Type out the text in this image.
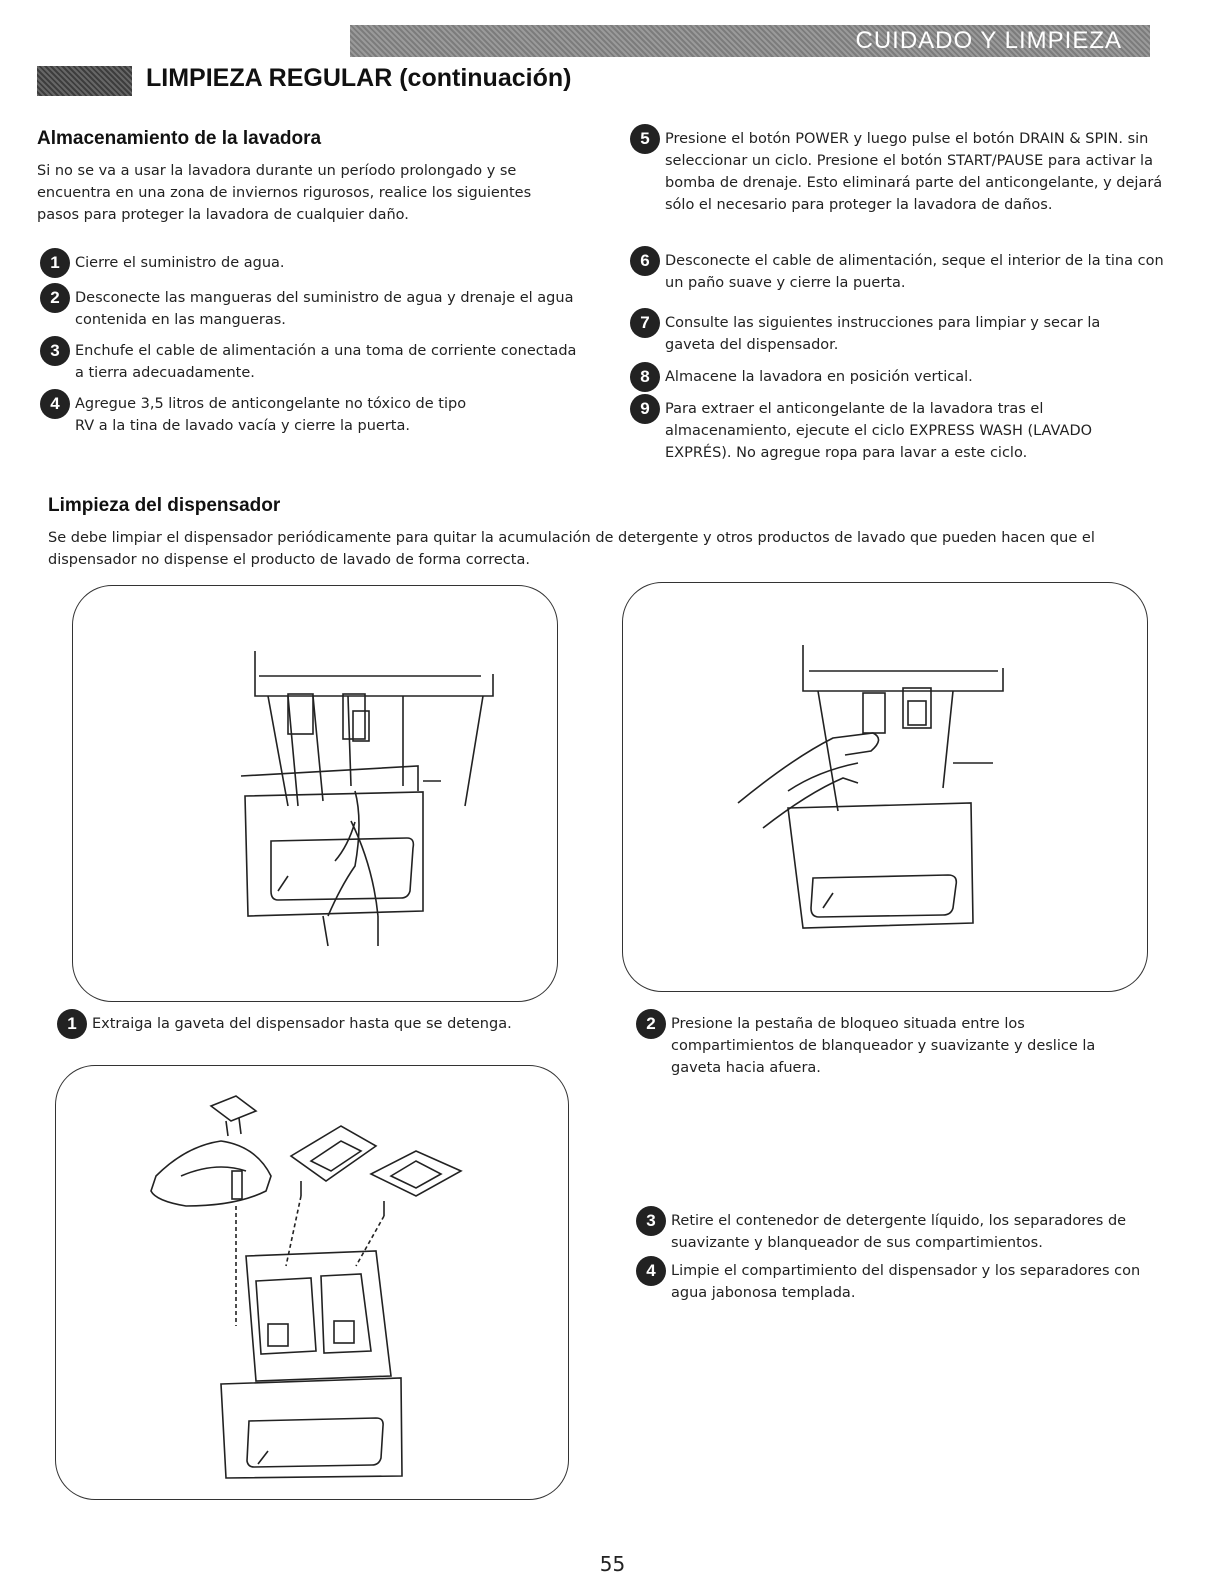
CUIDADO Y LIMPIEZA
LIMPIEZA REGULAR (continuación)
Almacenamiento de la lavadora
Si no se va a usar la lavadora durante un período prolongado y se encuentra en una zona de inviernos rigurosos, realice los siguientes pasos para proteger la lavadora de cualquier daño.
1	Cierre el suministro de agua.
2	Desconecte las mangueras del suministro de agua y drenaje el agua contenida en las mangueras.
3	Enchufe el cable de alimentación a una toma de corriente conectada a tierra adecuadamente.
4	Agregue 3,5 litros de anticongelante no tóxico de tipo RV a la tina de lavado vacía y cierre la puerta.
5	Presione el botón POWER y luego pulse el botón DRAIN & SPIN. sin seleccionar un ciclo. Presione el botón START/PAUSE para activar la bomba de drenaje. Esto eliminará parte del anticongelante, y dejará sólo el necesario para proteger la lavadora de daños.
6	Desconecte el cable de alimentación, seque el interior de la tina con un paño suave y cierre la puerta.
7	Consulte las siguientes instrucciones para limpiar y secar la gaveta del dispensador.
8	Almacene la lavadora en posición vertical.
9	Para extraer el anticongelante de la lavadora tras el almacenamiento, ejecute el ciclo EXPRESS WASH (LAVADO EXPRÉS). No agregue ropa para lavar a este ciclo.
Limpieza del dispensador
Se debe limpiar el dispensador periódicamente para quitar la acumulación de detergente y otros productos de lavado que pueden hacen que el dispensador no dispense el producto de lavado de forma correcta.
1	Extraiga la gaveta del dispensador hasta que se detenga.	2	Presione la pestaña de bloqueo situada entre los compartimientos de blanqueador y suavizante y deslice la gaveta hacia afuera.
3	Retire el contenedor de detergente líquido, los separadores de suavizante y blanqueador de sus compartimientos.
4	Limpie el compartimiento del dispensador y los separadores con agua jabonosa templada.
55
